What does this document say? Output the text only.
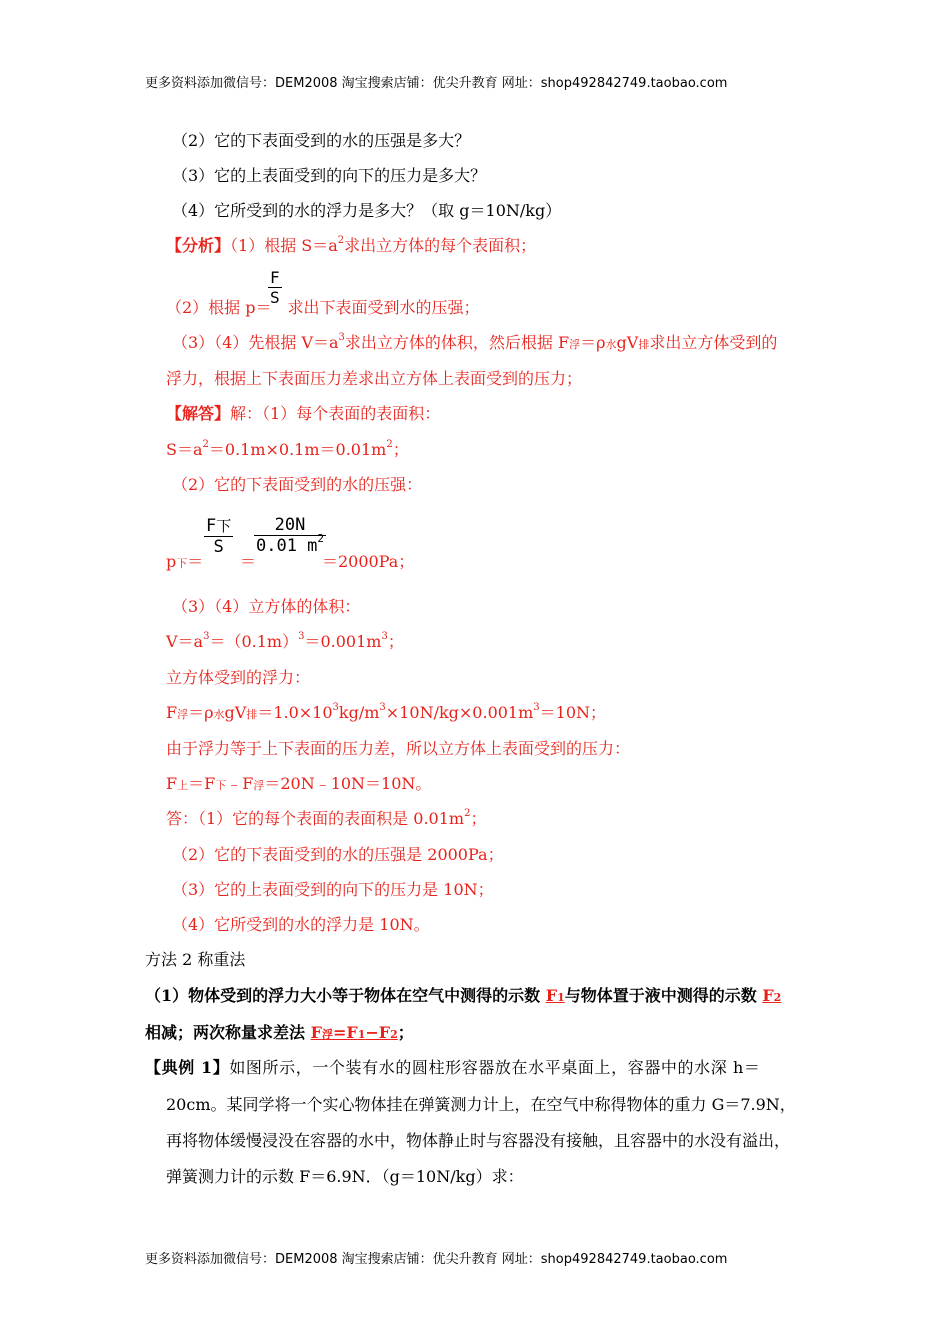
更多资料添加微信号：DEM2008 淘宝搜索店铺：优尖升教育 网址：shop492842749.taobao.com
（2）它的下表面受到的水的压强是多大？
（3）它的上表面受到的向下的压力是多大？
（4）它所受到的水的浮力是多大？（取 g＝10N/kg）
【分析】（1）根据 $S=a^2$求出立方体的每个表面积；
（2）根据 p＝ 求出下表面受到水的压强；
$\frac{F}{S}$
（3）（4）先根据 $V=a^3$求出立方体的体积，然后根据 F浮＝ρ水gV排求出立方体受到的
浮力，根据上下表面压力差求出立方体上表面受到的压力；
【解答】解：（1）每个表面的表面积：
$S=a^2=0.1m\times 0.1m=0.01m^2$；
（2）它的下表面受到的水的压强：
p下＝
F下
S
＝
$\frac{20N}{0.01 m^2}$
＝2000Pa；
（3）（4）立方体的体积：
$V=a^3=(0.1m)^3=0.001m^3$；
立方体受到的浮力：
F浮＝ρ水gV排$=1.0\times 10^3kg/m^3\times 10N/kg\times 0.001m^3=10N$；
由于浮力等于上下表面的压力差，所以立方体上表面受到的压力：
F上＝F下﹣F浮＝20N﹣10N＝10N。
答：（1）它的每个表面的表面积是 $0.01m^2$；
（2）它的下表面受到的水的压强是 2000Pa；
（3）它的上表面受到的向下的压力是 10N；
（4）它所受到的水的浮力是 10N。
方法 2 称重法
（1）物体受到的浮力大小等于物体在空气中测得的示数 F1与物体置于液中测得的示数 F2
相减；两次称量求差法 F浮=F1−F2；
【典例 1】如图所示，一个装有水的圆柱形容器放在水平桌面上，容器中的水深 h＝
20cm。某同学将一个实心物体挂在弹簧测力计上，在空气中称得物体的重力 G＝7.9N，
再将物体缓慢浸没在容器的水中，物体静止时与容器没有接触，且容器中的水没有溢出，
弹簧测力计的示数 F＝6.9N．（g＝10N/kg）求：
更多资料添加微信号：DEM2008 淘宝搜索店铺：优尖升教育 网址：shop492842749.taobao.com
